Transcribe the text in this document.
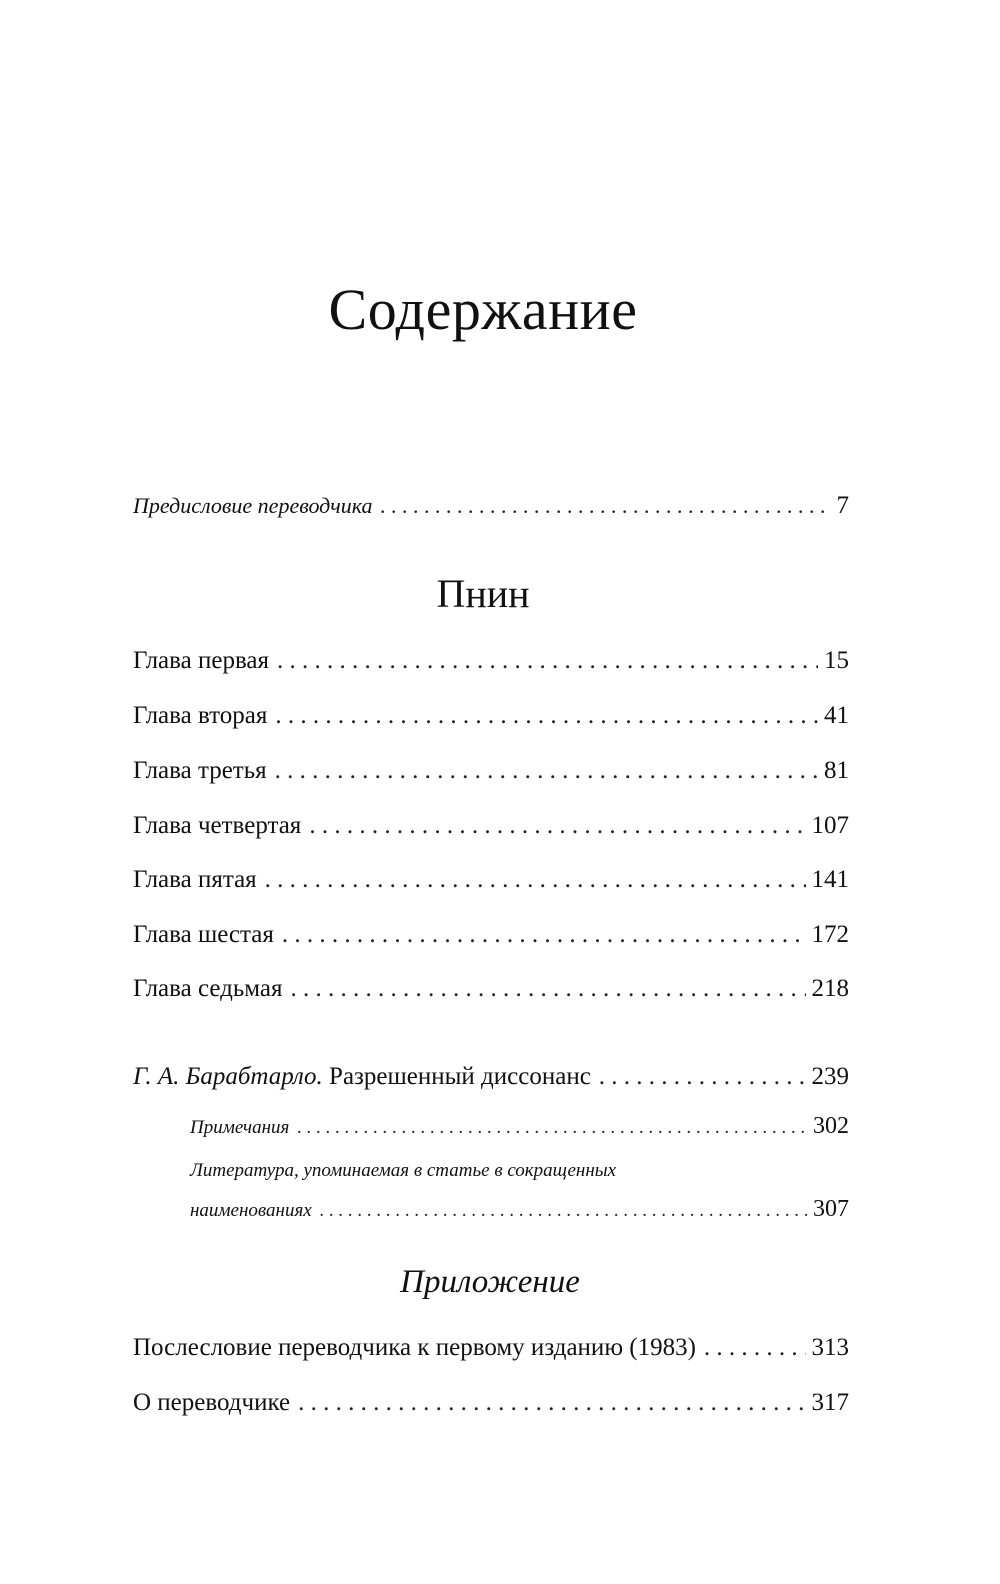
Содержание
Предисловие переводчика . . .	7
Пнин
Глава первая . . .	15
Глава вторая . . .	41
Глава третья . . .	81
Глава четвертая . . .	107
Глава пятая . . .	141
Глава шестая . . .	172
Глава седьмая . . .	218
Г. А. Барабтарло. Разрешенный диссонанс . . .	239
Примечания . . .	302
Литература, упоминаемая в статье в сокращенных
наименованиях . . .	307
Приложение
Послесловие переводчика к первому изданию (1983) . . .	313
О переводчике . . .	317
